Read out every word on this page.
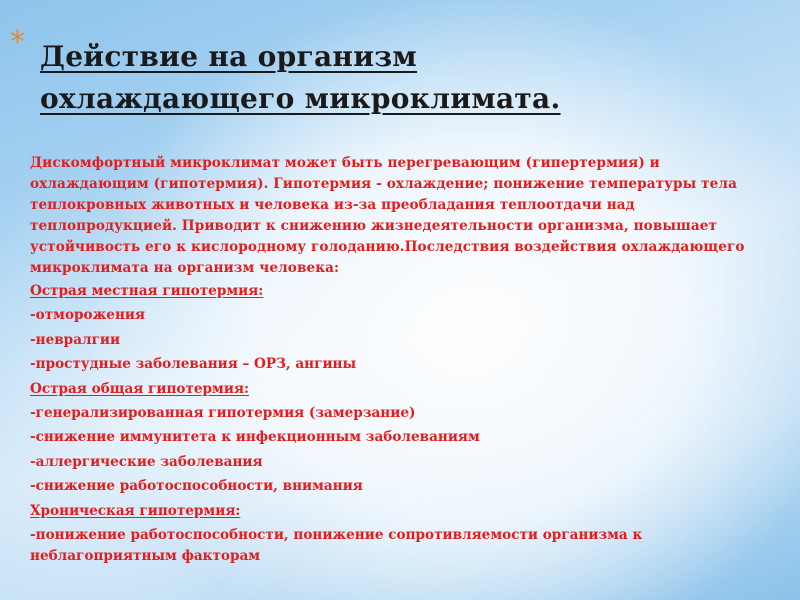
* Действие на организм
охлаждающего микроклимата.

Дискомфортный микроклимат может быть перегревающим (гипертермия) и охлаждающим (гипотермия). Гипотермия - охлаждение; понижение температуры тела теплокровных животных и человека из-за преобладания теплоотдачи над теплопродукцией. Приводит к снижению жизнедеятельности организма, повышает устойчивость его к кислородному голоданию.Последствия воздействия охлаждающего микроклимата на организм человека:

Острая местная гипотермия:
-отморожения
-невралгии
-простудные заболевания – ОРЗ, ангины
Острая общая гипотермия:
-генерализированная гипотермия (замерзание)
-снижение иммунитета к инфекционным заболеваниям
-аллергические заболевания
-снижение работоспособности, внимания
Хроническая гипотермия:

-понижение работоспособности, понижение сопротивляемости организма к неблагоприятным факторам
